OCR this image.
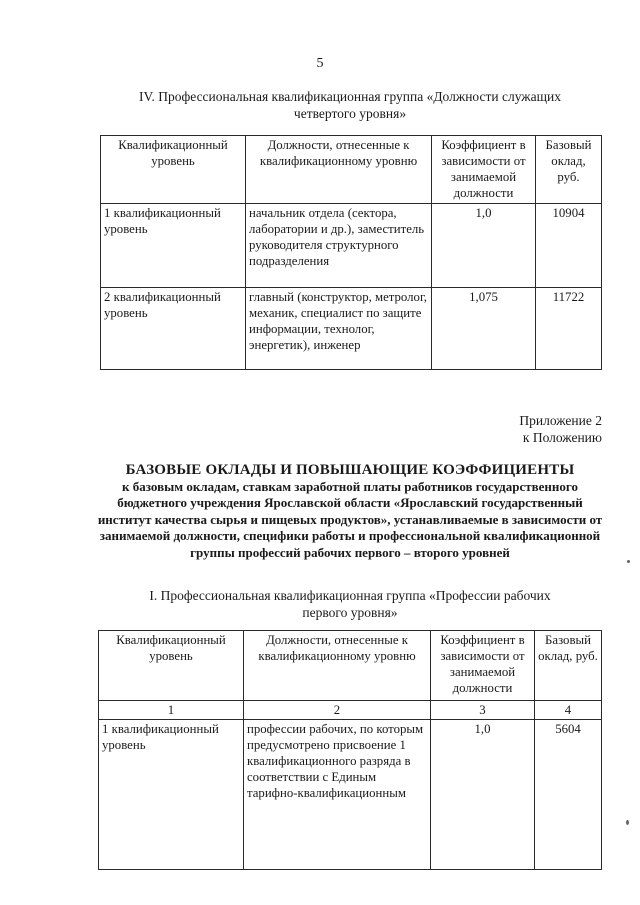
5
IV. Профессиональная квалификационная группа «Должности служащих
четвертого уровня»
Квалификационный уровень	Должности, отнесенные к квалификационному уровню	Коэффициент в зависимости от занимаемой должности	Базовый оклад, руб.
1 квалификационный уровень	начальник отдела (сектора, лаборатории и др.), заместитель руководителя структурного подразделения	1,0	10904
2 квалификационный уровень	главный (конструктор, метролог, механик, специалист по защите информации, технолог, энергетик), инженер	1,075	11722
Приложение 2
к Положению
БАЗОВЫЕ ОКЛАДЫ И ПОВЫШАЮЩИЕ КОЭФФИЦИЕНТЫ
к базовым окладам, ставкам заработной платы работников государственного бюджетного учреждения Ярославской области «Ярославский государственный институт качества сырья и пищевых продуктов», устанавливаемые в зависимости от занимаемой должности, специфики работы и профессиональной квалификационной группы профессий рабочих первого – второго уровней
I. Профессиональная квалификационная группа «Профессии рабочих
первого уровня»
Квалификационный уровень	Должности, отнесенные к квалификационному уровню	Коэффициент в зависимости от занимаемой должности	Базовый оклад, руб.
1	2	3	4
1 квалификационный уровень	профессии рабочих, по которым предусмотрено присвоение 1 квалификационного разряда в соответствии с Единым тарифно-квалификационным	1,0	5604
